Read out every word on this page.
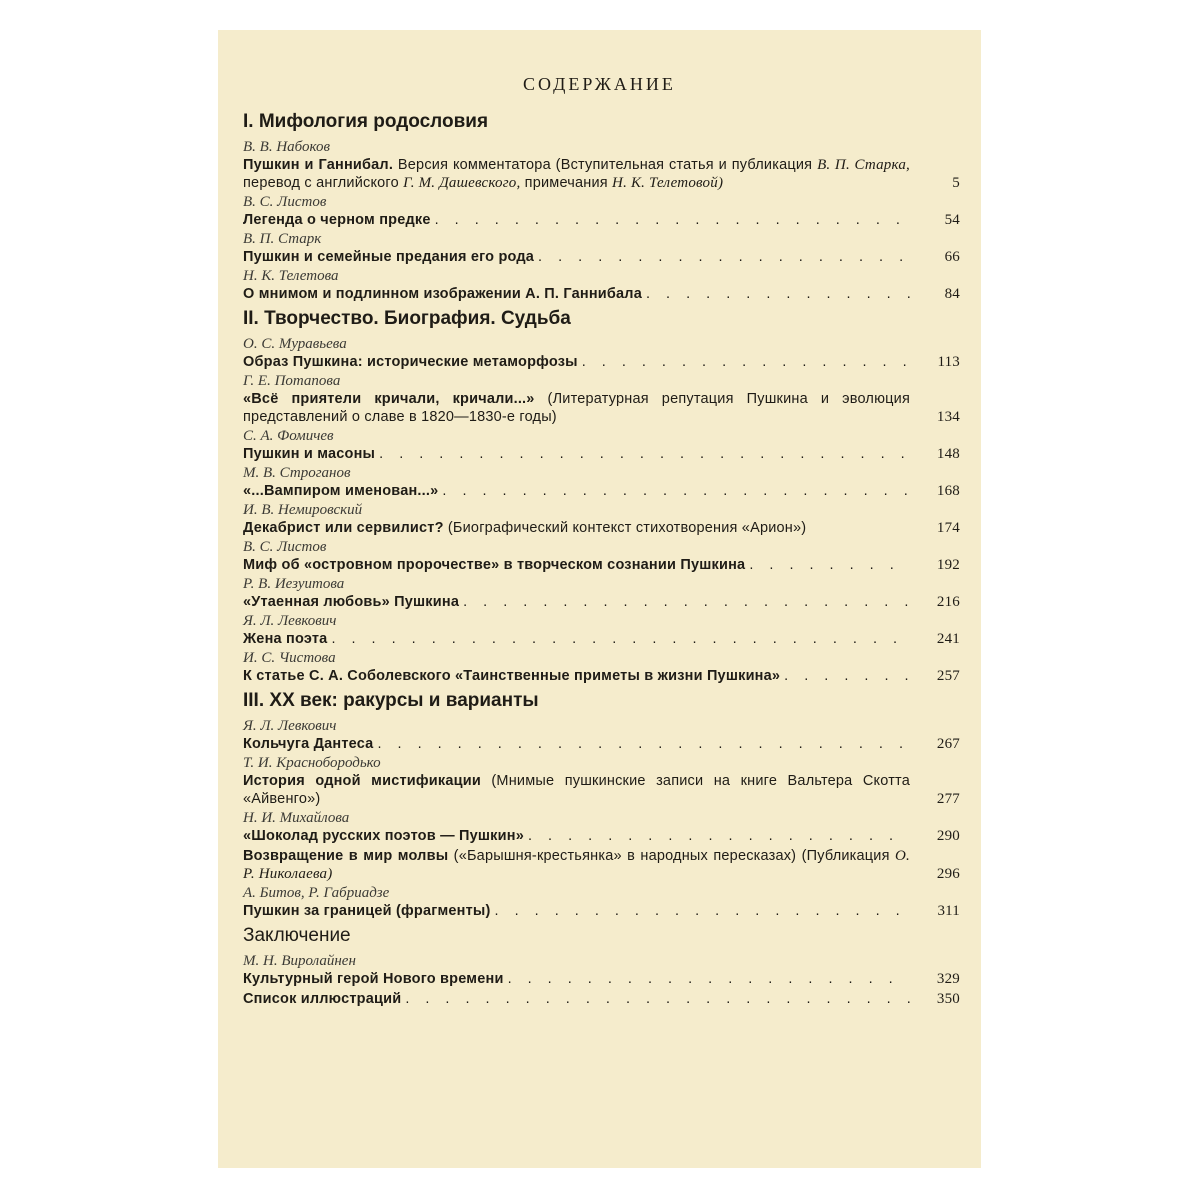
СОДЕРЖАНИЕ
I. Мифология родословия
В. В. Набоков
Пушкин и Ганнибал. Версия комментатора (Вступительная статья и публикация В. П. Старка, перевод с английского Г. М. Дашевского, примечания Н. К. Телетовой)	5
В. С. Листов
Легенда о черном предке . . .	54
В. П. Старк
Пушкин и семейные предания его рода . . .	66
Н. К. Телетова
О мнимом и подлинном изображении А. П. Ганнибала . . .	84
II. Творчество. Биография. Судьба
О. С. Муравьева
Образ Пушкина: исторические метаморфозы . . .	113
Г. Е. Потапова
«Всё приятели кричали, кричали...» (Литературная репутация Пушкина и эволюция представлений о славе в 1820—1830-е годы)	134
С. А. Фомичев
Пушкин и масоны . . .	148
М. В. Строганов
«...Вампиром именован...» . . .	168
И. В. Немировский
Декабрист или сервилист? (Биографический контекст стихотворения «Арион»)	174
В. С. Листов
Миф об «островном пророчестве» в творческом сознании Пушкина . . .	192
Р. В. Иезуитова
«Утаенная любовь» Пушкина . . .	216
Я. Л. Левкович
Жена поэта . . .	241
И. С. Чистова
К статье С. А. Соболевского «Таинственные приметы в жизни Пушкина» . . .	257
III. XX век: ракурсы и варианты
Я. Л. Левкович
Кольчуга Дантеса . . .	267
Т. И. Краснобородько
История одной мистификации (Мнимые пушкинские записи на книге Вальтера Скотта «Айвенго»)	277
Н. И. Михайлова
«Шоколад русских поэтов — Пушкин» . . .	290
Возвращение в мир молвы («Барышня-крестьянка» в народных пересказах) (Публикация О. Р. Николаева)	296
А. Битов, Р. Габриадзе
Пушкин за границей (фрагменты) . . .	311
Заключение
М. Н. Виролайнен
Культурный герой Нового времени . . .	329
Список иллюстраций . . .	350
